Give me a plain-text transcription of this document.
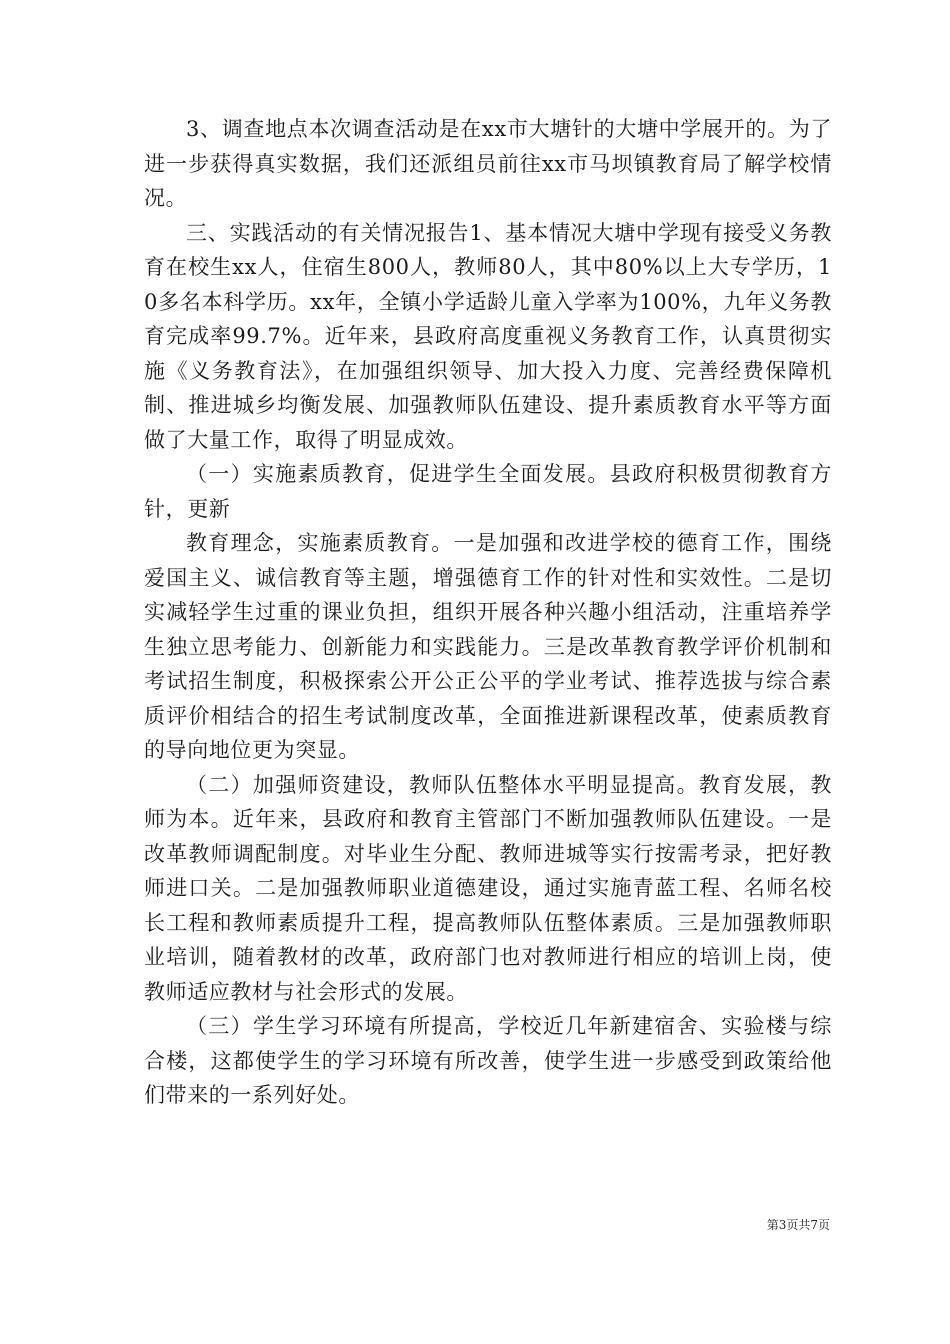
3、调查地点本次调查活动是在xx市大塘针的大塘中学展开的。为了进一步获得真实数据，我们还派组员前往xx市马坝镇教育局了解学校情况。

三、实践活动的有关情况报告1、基本情况大塘中学现有接受义务教育在校生xx人，住宿生800人，教师80人，其中80%以上大专学历，10多名本科学历。xx年，全镇小学适龄儿童入学率为100%，九年义务教育完成率99.7%。近年来，县政府高度重视义务教育工作，认真贯彻实施《义务教育法》，在加强组织领导、加大投入力度、完善经费保障机制、推进城乡均衡发展、加强教师队伍建设、提升素质教育水平等方面做了大量工作，取得了明显成效。

（一）实施素质教育，促进学生全面发展。县政府积极贯彻教育方针，更新

教育理念，实施素质教育。一是加强和改进学校的德育工作，围绕爱国主义、诚信教育等主题，增强德育工作的针对性和实效性。二是切实减轻学生过重的课业负担，组织开展各种兴趣小组活动，注重培养学生独立思考能力、创新能力和实践能力。三是改革教育教学评价机制和考试招生制度，积极探索公开公正公平的学业考试、推荐选拔与综合素质评价相结合的招生考试制度改革，全面推进新课程改革，使素质教育的导向地位更为突显。

（二）加强师资建设，教师队伍整体水平明显提高。教育发展，教师为本。近年来，县政府和教育主管部门不断加强教师队伍建设。一是改革教师调配制度。对毕业生分配、教师进城等实行按需考录，把好教师进口关。二是加强教师职业道德建设，通过实施青蓝工程、名师名校长工程和教师素质提升工程，提高教师队伍整体素质。三是加强教师职业培训，随着教材的改革，政府部门也对教师进行相应的培训上岗，使教师适应教材与社会形式的发展。

（三）学生学习环境有所提高，学校近几年新建宿舍、实验楼与综合楼，这都使学生的学习环境有所改善，使学生进一步感受到政策给他们带来的一系列好处。

第3页共7页
